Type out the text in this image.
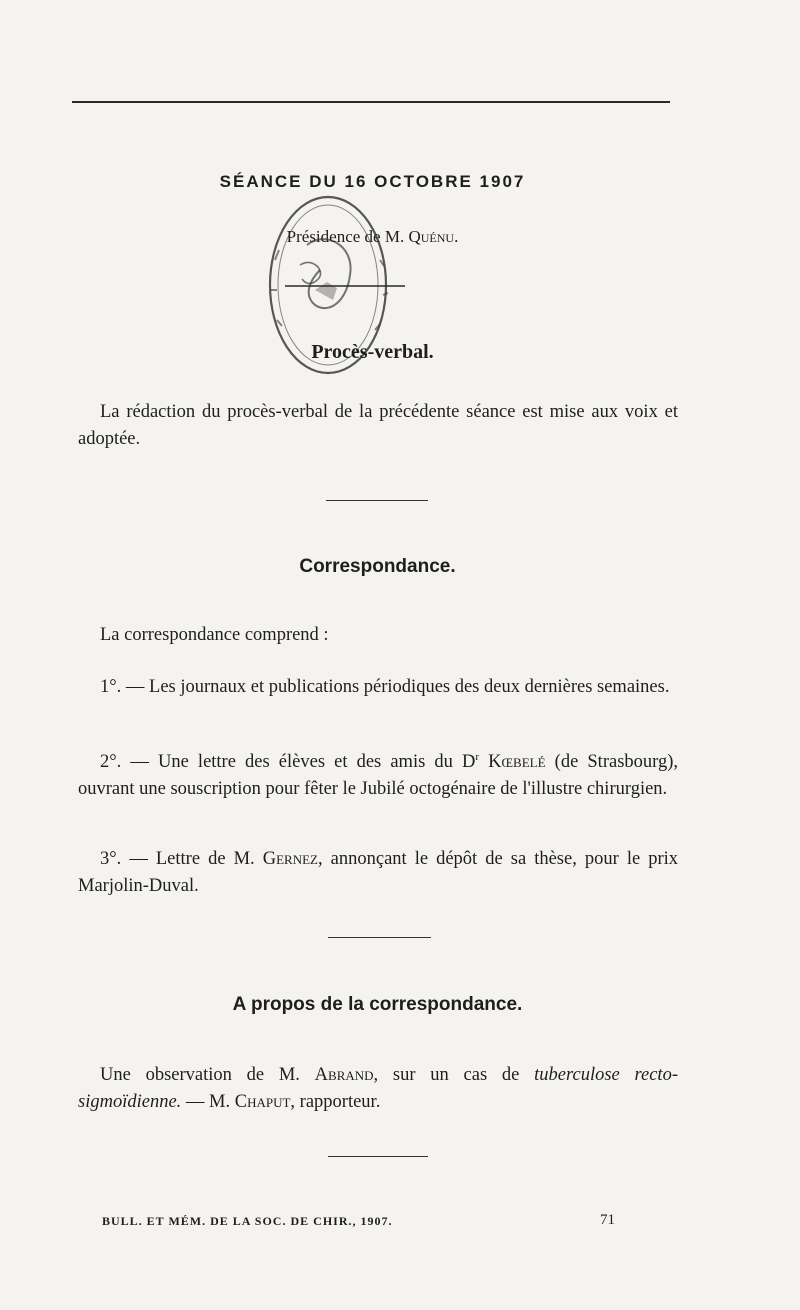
SÉANCE DU 16 OCTOBRE 1907
Présidence de M. Quénu.
Procès-verbal.
La rédaction du procès-verbal de la précédente séance est mise aux voix et adoptée.
Correspondance.
La correspondance comprend :
1°. — Les journaux et publications périodiques des deux dernières semaines.
2°. — Une lettre des élèves et des amis du $D^r$ Kœbelé (de Strasbourg), ouvrant une souscription pour fêter le Jubilé octogénaire de l'illustre chirurgien.
3°. — Lettre de M. Gernez, annonçant le dépôt de sa thèse, pour le prix Marjolin-Duval.
A propos de la correspondance.
Une observation de M. Abrand, sur un cas de tuberculose recto-sigmoïdienne. — M. Chaput, rapporteur.
BULL. ET MÉM. DE LA SOC. DE CHIR., 1907.	71
